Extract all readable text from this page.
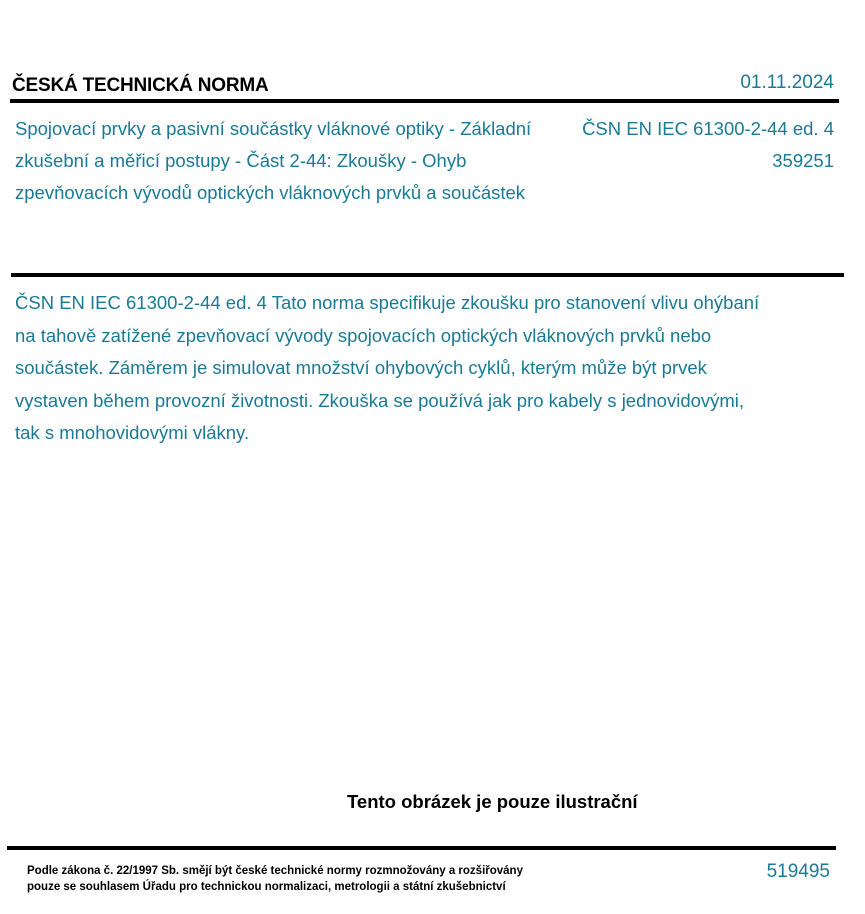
ČESKÁ TECHNICKÁ NORMA	01.11.2024
Spojovací prvky a pasivní součástky vláknové optiky - Základní zkušební a měřicí postupy - Část 2-44: Zkoušky - Ohyb zpevňovacích vývodů optických vláknových prvků a součástek
ČSN EN IEC 61300-2-44 ed. 4
359251
ČSN EN IEC 61300-2-44 ed. 4 Tato norma specifikuje zkoušku pro stanovení vlivu ohýbaní na tahově zatížené zpevňovací vývody spojovacích optických vláknových prvků nebo součástek. Záměrem je simulovat množství ohybových cyklů, kterým může být prvek vystaven během provozní životnosti. Zkouška se používá jak pro kabely s jednovidovými, tak s mnohovidovými vlákny.
Tento obrázek je pouze ilustrační
Podle zákona č. 22/1997 Sb. smějí být české technické normy rozmnožovány a rozšiřovány
pouze se souhlasem Úřadu pro technickou normalizaci, metrologii a státní zkušebnictví
519495
